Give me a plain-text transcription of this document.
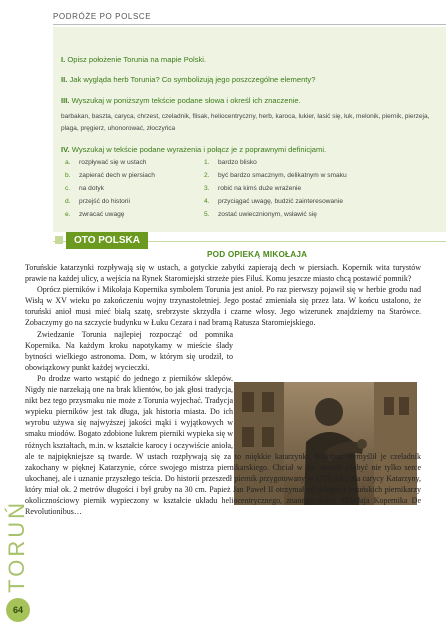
TORUŃ
64
PODRÓŻE PO POLSCE
I. Opisz położenie Torunia na mapie Polski.
II. Jak wygląda herb Torunia? Co symbolizują jego poszczególne elementy?
III. Wyszukaj w poniższym tekście podane słowa i określ ich znaczenie.
barbakan, baszta, caryca, chrzest, czeladnik, flisak, heliocentryczny, herb, karoca, lukier, łasić się, łuk, melonik, piernik, pierzeja, plaga, pręgierz, uhonorować, złoczyńca
IV. Wyszukaj w tekście podane wyrażenia i połącz je z poprawnymi definicjami.
a. rozpływać się w ustach
b. zapierać dech w piersiach
c. na dotyk
d. przejść do historii
e. zwracać uwagę
1. bardzo blisko
2. być bardzo smacznym, delikatnym w smaku
3. robić na kimś duże wrażenie
4. przyciągać uwagę, budzić zainteresowanie
5. zostać uwiecznionym, wsławić się
OTO POLSKA
POD OPIEKĄ MIKOŁAJA

Toruńskie katarzynki rozpływają się w ustach, a gotyckie zabytki zapierają dech w piersiach. Kopernik wita turystów prawie na każdej ulicy, a wejścia na Rynek Staromiejski strzeże pies Filuś. Komu jeszcze miasto chcą postawić pomnik?

Oprócz pierników i Mikołaja Kopernika symbolem Torunia jest anioł. Po raz pierwszy pojawił się w herbie grodu nad Wisłą w XV wieku po zakończeniu wojny trzynastoletniej. Jego postać zmieniała się przez lata. W końcu ustalono, że toruński anioł musi mieć białą szatę, srebrzyste skrzydła i czarne włosy. Jego wizerunek znajdziemy na Starówce. Zobaczymy go na szczycie budynku w Łuku Cezara i nad bramą Ratusza Staromiejskiego.

Zwiedzanie Torunia najlepiej rozpocząć od pomnika Kopernika. Na każdym kroku napotykamy w mieście ślady bytności wielkiego astronoma. Dom, w którym się urodził, to obowiązkowy punkt każdej wycieczki.

Po drodze warto wstąpić do jednego z pierników sklepów. Nigdy nie narzekają one na brak klientów, bo jak głosi tradycja, nikt bez tego przysmaku nie może z Torunia wyjechać. Tradycja wypieku pierników jest tak długa, jak historia miasta. Do ich wyrobu używa się najwyższej jakości mąki i wyjątkowych w smaku miodów. Bogato zdobione lukrem pierniki wypieka się w różnych kształtach, m.in. w kształcie karocy i oczywiście anioła, ale te najpiękniejsze są twarde. W ustach rozpływają się za to miękkie katarzynki. Podobno wymyślił je czeladnik zakochany w pięknej Katarzynie, córce swojego mistrza piernikarskiego. Chciał w ten sposób zdobyć nie tylko serce ukochanej, ale i uznanie przyszłego teścia. Do historii przeszedł piernik przygotowany w 1778 roku dla carycy Katarzyny, który miał ok. 2 metrów długości i był gruby na 30 cm. Papież Jan Paweł II otrzymał od delegacji toruńskich piernikarzy okolicznościowy piernik wypieczony w kształcie układu heliocentrycznego, znanego dzieła Mikołaja Kopernika De Revolutionibus…
